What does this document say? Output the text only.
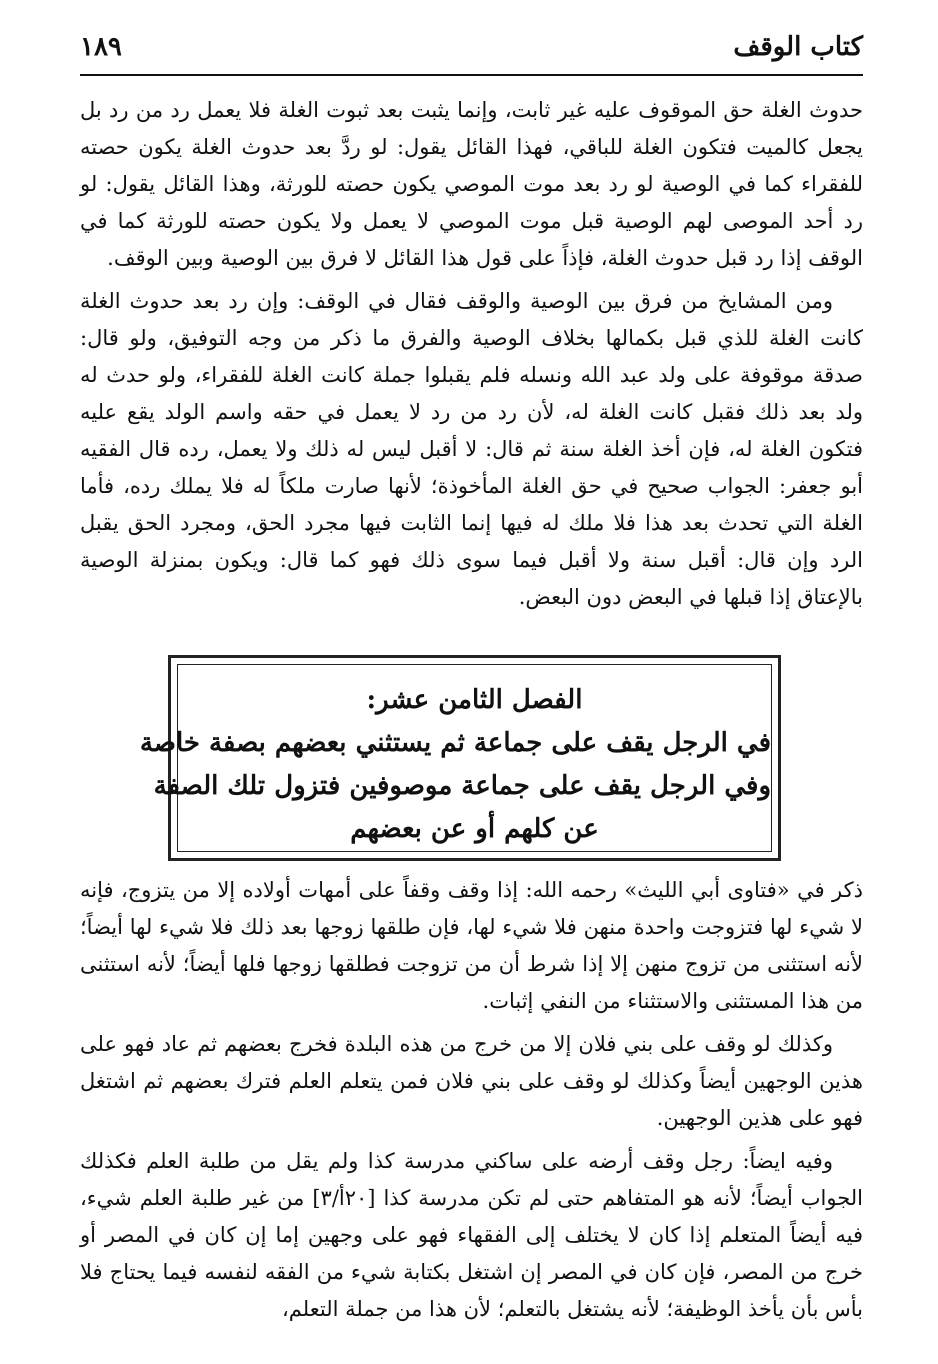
كتاب الوقف
١٨٩

حدوث الغلة حق الموقوف عليه غير ثابت، وإنما يثبت بعد ثبوت الغلة فلا يعمل رد من رد بل يجعل كالميت فتكون الغلة للباقي، فهذا القائل يقول: لو ردَّ بعد حدوث الغلة يكون حصته للفقراء كما في الوصية لو رد بعد موت الموصي يكون حصته للورثة، وهذا القائل يقول: لو رد أحد الموصى لهم الوصية قبل موت الموصي لا يعمل ولا يكون حصته للورثة كما في الوقف إذا رد قبل حدوث الغلة، فإذاً على قول هذا القائل لا فرق بين الوصية وبين الوقف.

ومن المشايخ من فرق بين الوصية والوقف فقال في الوقف: وإن رد بعد حدوث الغلة كانت الغلة للذي قبل بكمالها بخلاف الوصية والفرق ما ذكر من وجه التوفيق، ولو قال: صدقة موقوفة على ولد عبد الله ونسله فلم يقبلوا جملة كانت الغلة للفقراء، ولو حدث له ولد بعد ذلك فقبل كانت الغلة له، لأن رد من رد لا يعمل في حقه واسم الولد يقع عليه فتكون الغلة له، فإن أخذ الغلة سنة ثم قال: لا أقبل ليس له ذلك ولا يعمل، رده قال الفقيه أبو جعفر: الجواب صحيح في حق الغلة المأخوذة؛ لأنها صارت ملكاً له فلا يملك رده، فأما الغلة التي تحدث بعد هذا فلا ملك له فيها إنما الثابت فيها مجرد الحق، ومجرد الحق يقبل الرد وإن قال: أقبل سنة ولا أقبل فيما سوى ذلك فهو كما قال: ويكون بمنزلة الوصية بالإعتاق إذا قبلها في البعض دون البعض.

الفصل الثامن عشر:
في الرجل يقف على جماعة ثم يستثني بعضهم بصفة خاصة
وفي الرجل يقف على جماعة موصوفين فتزول تلك الصفة
عن كلهم أو عن بعضهم

ذكر في «فتاوى أبي الليث» رحمه الله: إذا وقف وقفاً على أمهات أولاده إلا من يتزوج، فإنه لا شيء لها فتزوجت واحدة منهن فلا شيء لها، فإن طلقها زوجها بعد ذلك فلا شيء لها أيضاً؛ لأنه استثنى من تزوج منهن إلا إذا شرط أن من تزوجت فطلقها زوجها فلها أيضاً؛ لأنه استثنى من هذا المستثنى والاستثناء من النفي إثبات.

وكذلك لو وقف على بني فلان إلا من خرج من هذه البلدة فخرج بعضهم ثم عاد فهو على هذين الوجهين أيضاً وكذلك لو وقف على بني فلان فمن يتعلم العلم فترك بعضهم ثم اشتغل فهو على هذين الوجهين.

وفيه ايضاً: رجل وقف أرضه على ساكني مدرسة كذا ولم يقل من طلبة العلم فكذلك الجواب أيضاً؛ لأنه هو المتفاهم حتى لم تكن مدرسة كذا [٢٠أ/٣] من غير طلبة العلم شيء، فيه أيضاً المتعلم إذا كان لا يختلف إلى الفقهاء فهو على وجهين إما إن كان في المصر أو خرج من المصر، فإن كان في المصر إن اشتغل بكتابة شيء من الفقه لنفسه فيما يحتاج فلا بأس بأن يأخذ الوظيفة؛ لأنه يشتغل بالتعلم؛ لأن هذا من جملة التعلم،
